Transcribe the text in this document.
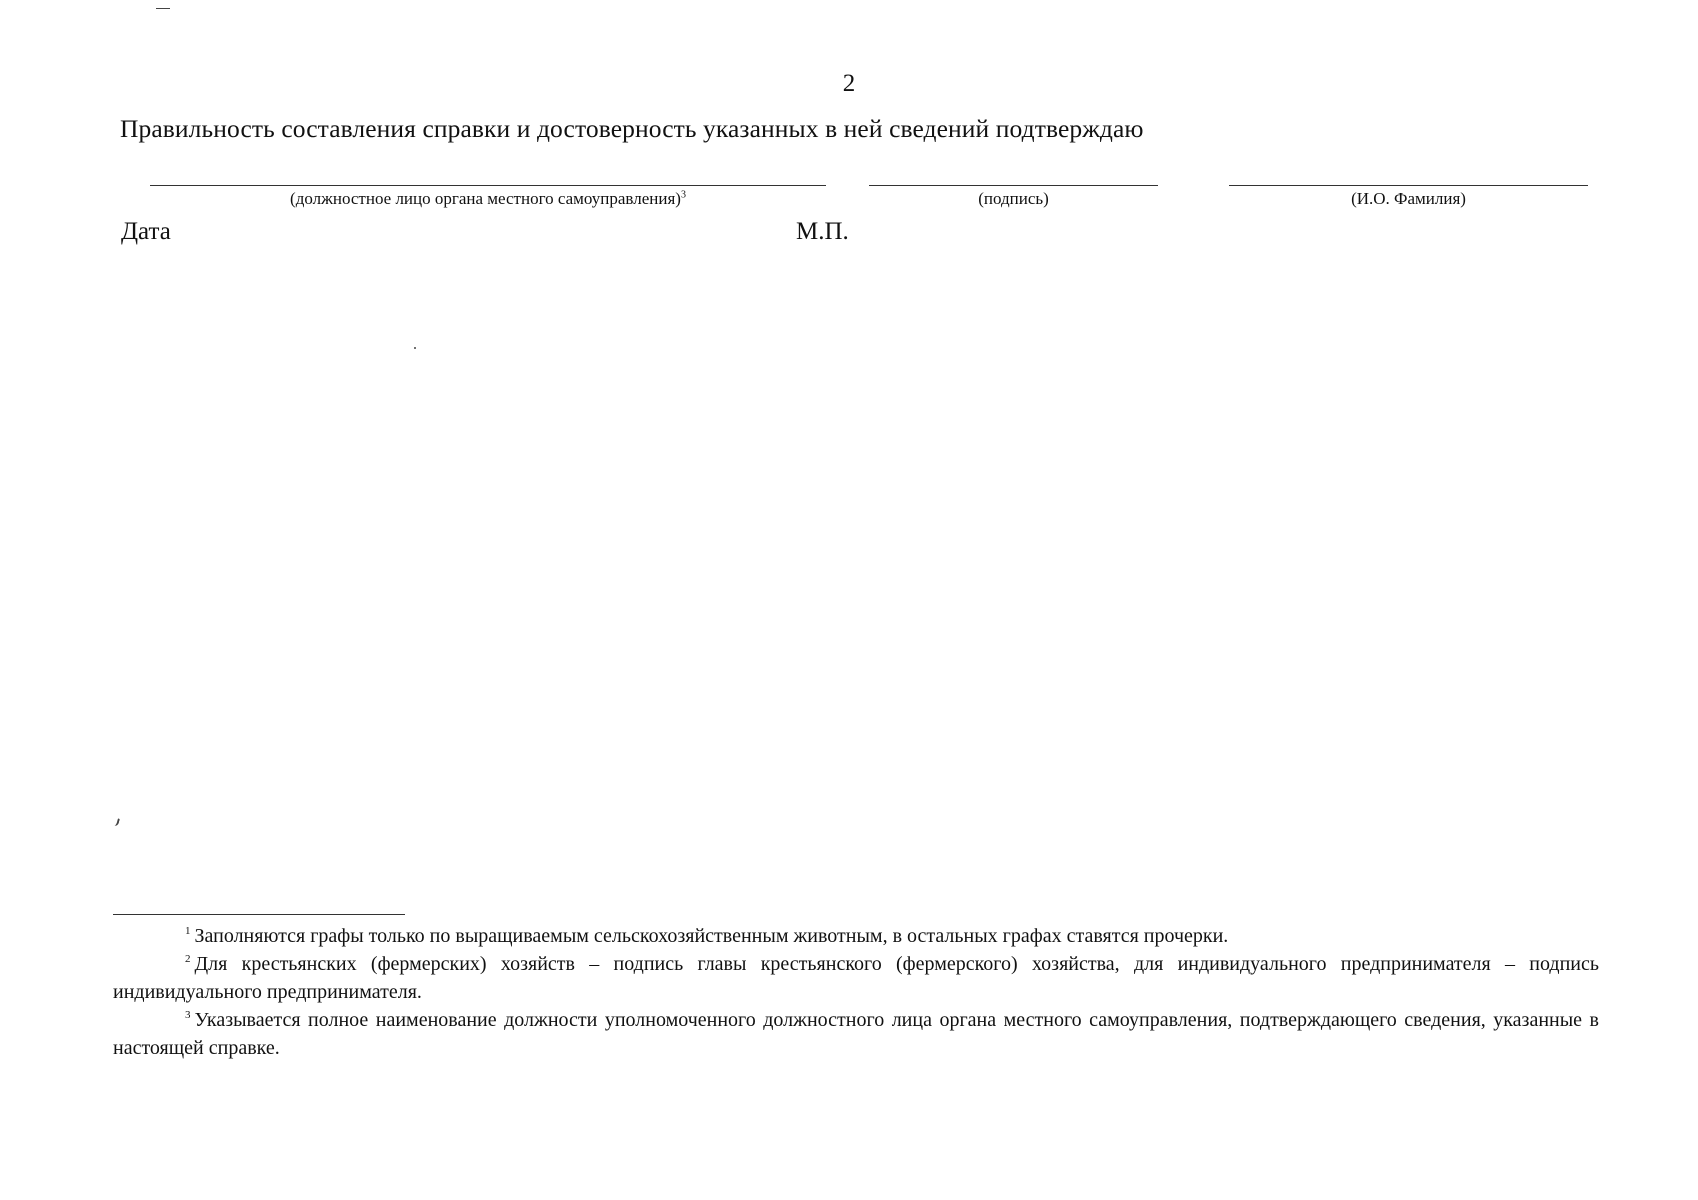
2
Правильность составления справки и достоверность указанных в ней сведений подтверждаю
(должностное лицо органа местного самоуправления)$^3$	(подпись)	(И.О. Фамилия)
Дата	М.П.

$^1$ Заполняются графы только по выращиваемым сельскохозяйственным животным, в остальных графах ставятся прочерки.

$^2$ Для крестьянских (фермерских) хозяйств – подпись главы крестьянского (фермерского) хозяйства, для индивидуального предпринимателя – подпись индивидуального предпринимателя.

$^3$ Указывается полное наименование должности уполномоченного должностного лица органа местного самоуправления, подтверждающего сведения, указанные в настоящей справке.
